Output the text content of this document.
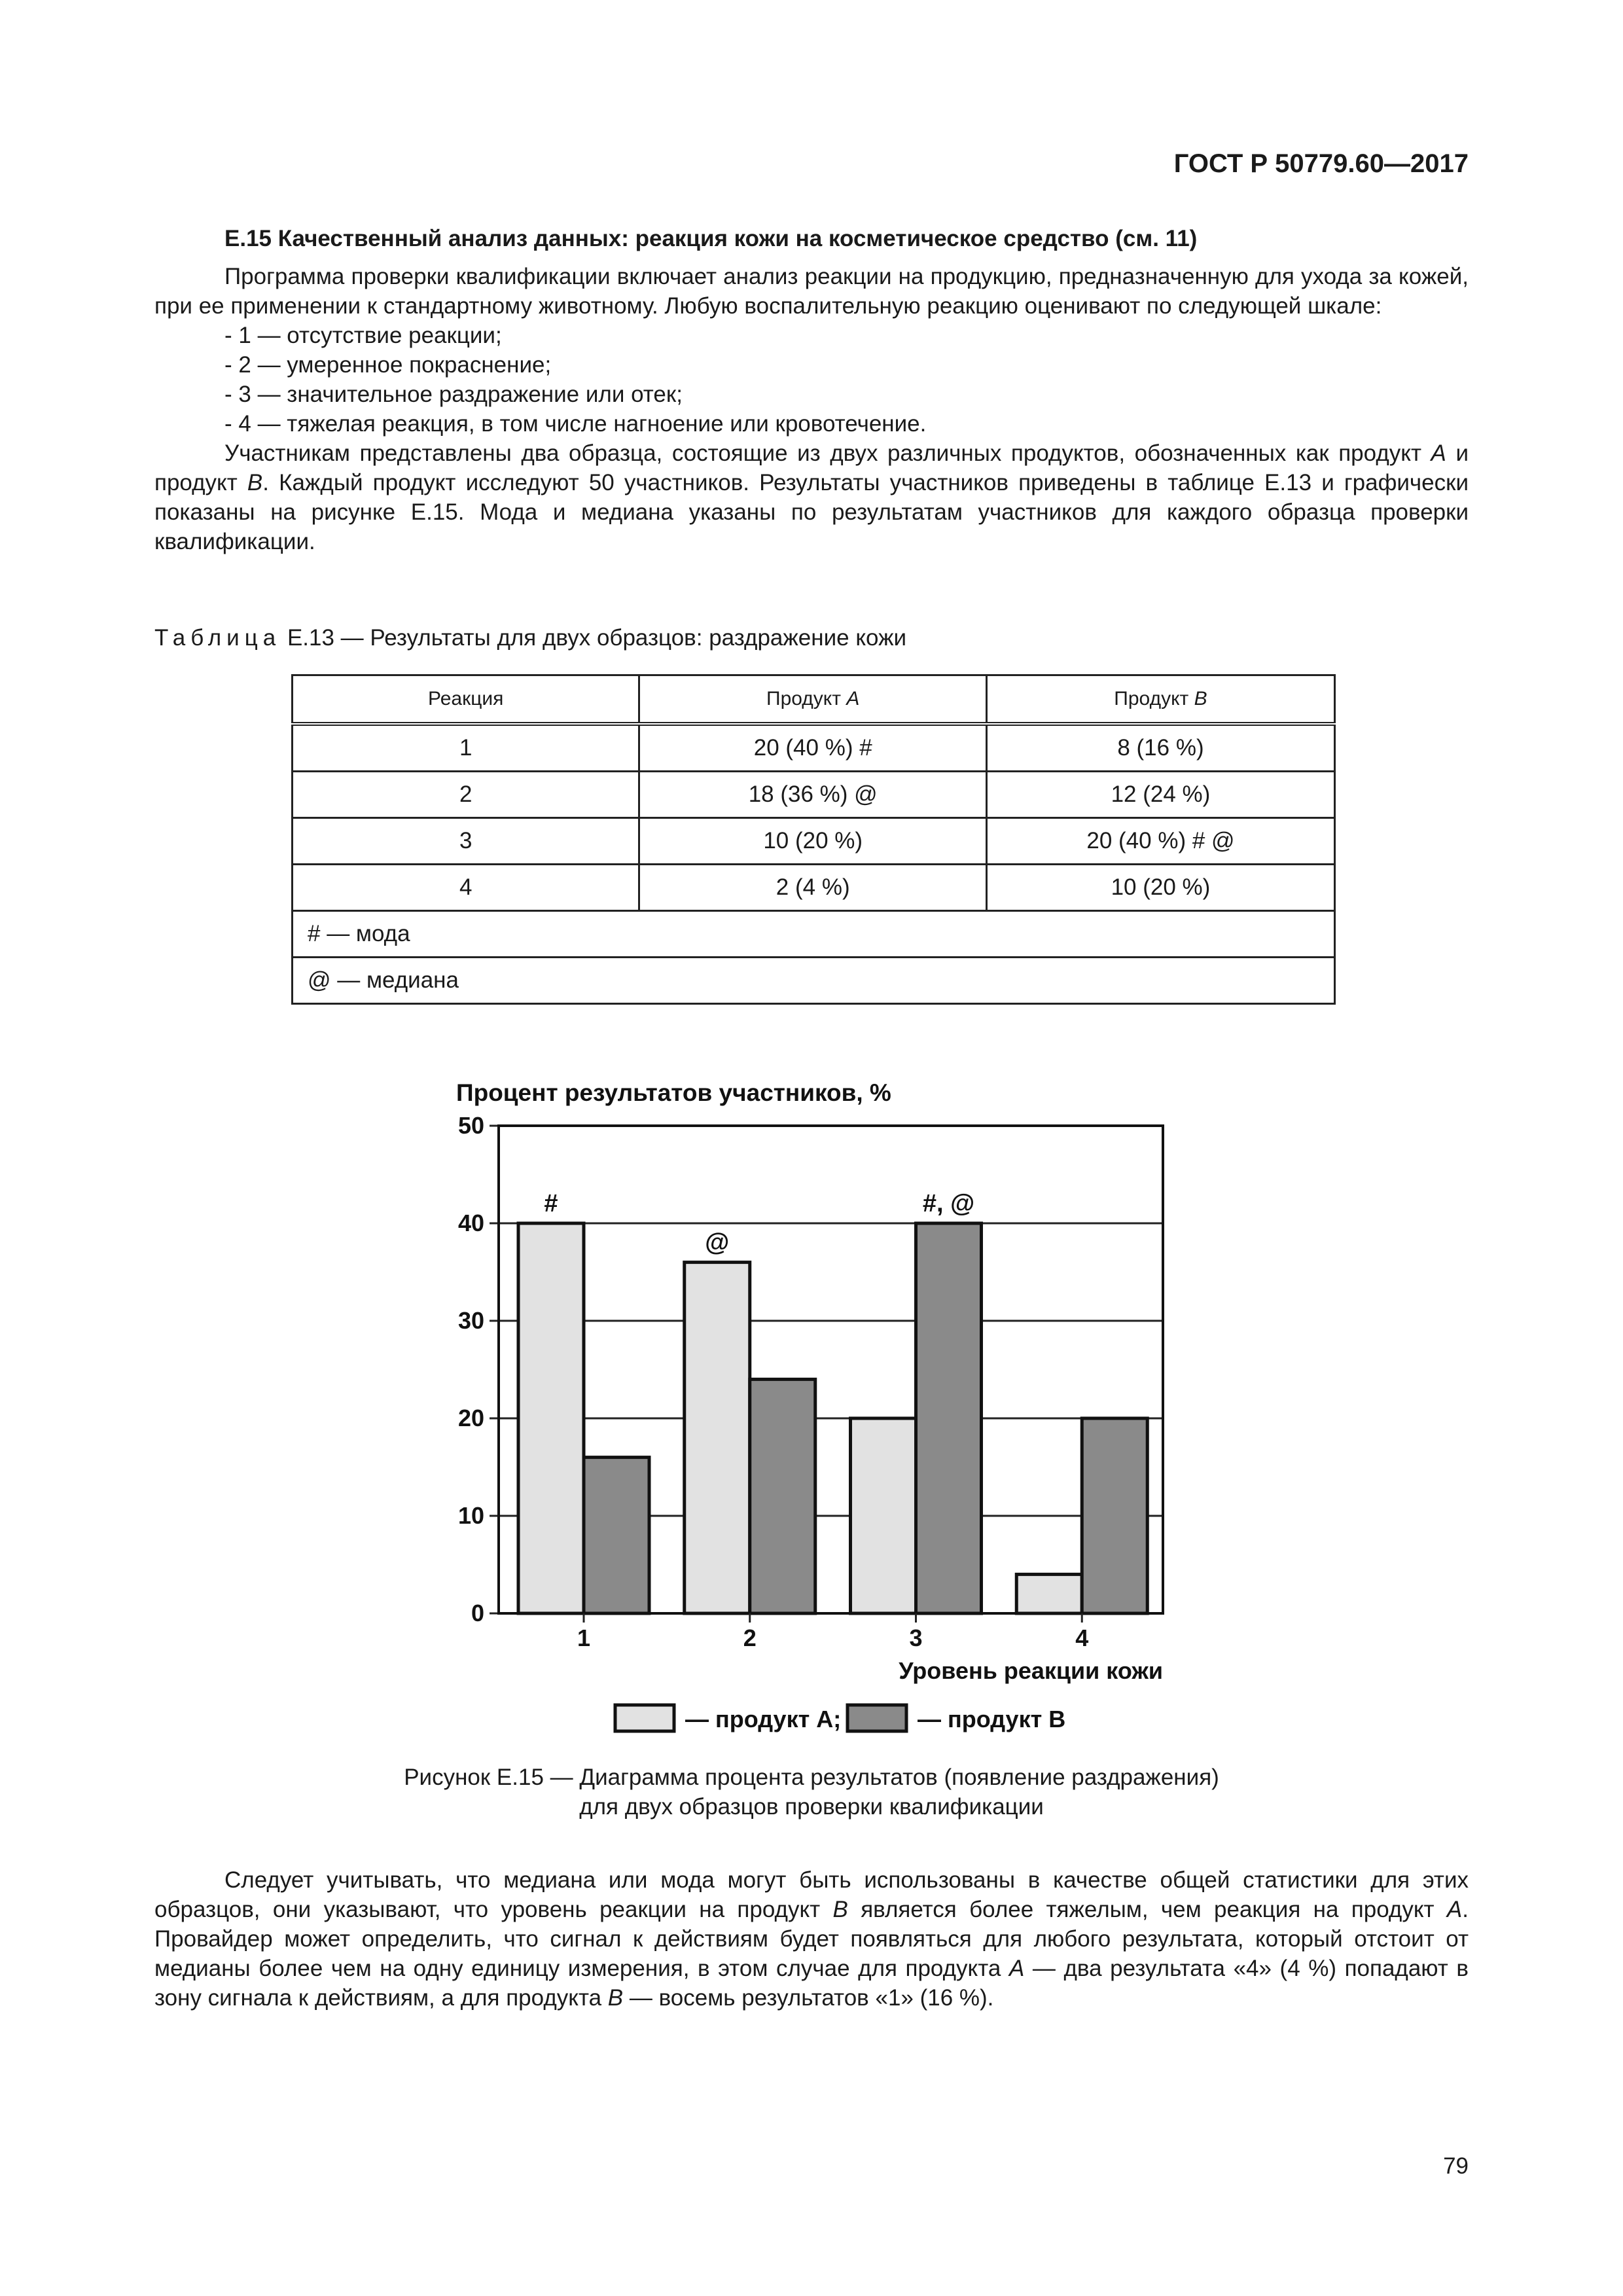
ГОСТ Р 50779.60—2017
Е.15 Качественный анализ данных: реакция кожи на косметическое средство (см. 11)

Программа проверки квалификации включает анализ реакции на продукцию, предназначенную для ухода за кожей, при ее применении к стандартному животному. Любую воспалительную реакцию оценивают по следующей шкале:

- 1 — отсутствие реакции;
- 2 — умеренное покраснение;
- 3 — значительное раздражение или отек;
- 4 — тяжелая реакция, в том числе нагноение или кровотечение.

Участникам представлены два образца, состоящие из двух различных продуктов, обозначенных как продукт А и продукт В. Каждый продукт исследуют 50 участников. Результаты участников приведены в таблице Е.13 и графически показаны на рисунке Е.15. Мода и медиана указаны по результатам участников для каждого образца проверки квалификации.

Таблица Е.13 — Результаты для двух образцов: раздражение кожи
Реакция	Продукт А	Продукт В
1	20 (40 %) #	8 (16 %)
2	18 (36 %) @	12 (24 %)
3	10 (20 %)	20 (40 %) # @
4	2 (4 %)	10 (20 %)
# — мода		
@ — медиана		
Процент результатов участников, %
0
10
20
30
40
50
#
@
#, @
1	2	3	4
Уровень реакции кожи
— продукт А;	— продукт В
Рисунок Е.15 — Диаграмма процента результатов (появление раздражения)
для двух образцов проверки квалификации

Следует учитывать, что медиана или мода могут быть использованы в качестве общей статистики для этих образцов, они указывают, что уровень реакции на продукт В является более тяжелым, чем реакция на продукт А. Провайдер может определить, что сигнал к действиям будет появляться для любого результата, который отстоит от медианы более чем на одну единицу измерения, в этом случае для продукта А — два результата «4» (4 %) попадают в зону сигнала к действиям, а для продукта В — восемь результатов «1» (16 %).

79
